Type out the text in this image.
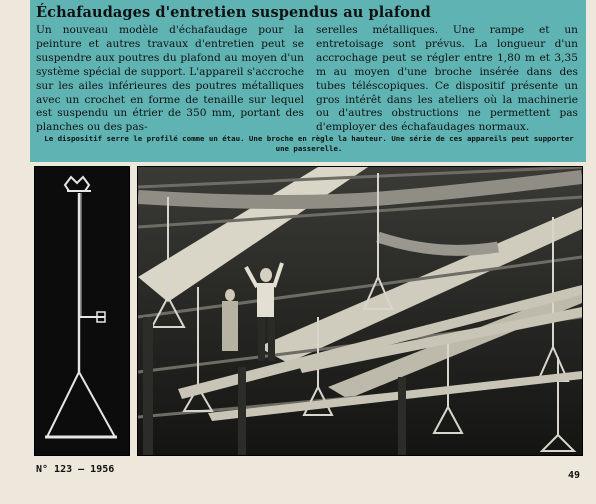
Échafaudages d'entretien suspendus au plafond
Un nouveau modèle d'échafaudage pour la peinture et autres travaux d'entretien peut se suspendre aux poutres du plafond au moyen d'un système spécial de support. L'appareil s'accroche sur les ailes inférieures des poutres métalliques avec un crochet en forme de tenaille sur lequel est suspendu un étrier de 350 mm, portant des planches ou des pas-
serelles métalliques. Une rampe et un entretoisage sont prévus. La longueur d'un accrochage peut se régler entre 1,80 m et 3,35 m au moyen d'une broche insérée dans des tubes téléscopiques. Ce dispositif présente un gros intérêt dans les ateliers où la machinerie ou d'autres obstructions ne permettent pas d'employer des échafaudages normaux.
Le dispositif serre le profilé comme un étau. Une broche en règle la hauteur. Une série de ces appareils peut supporter une passerelle.
N° 123 — 1956
49
